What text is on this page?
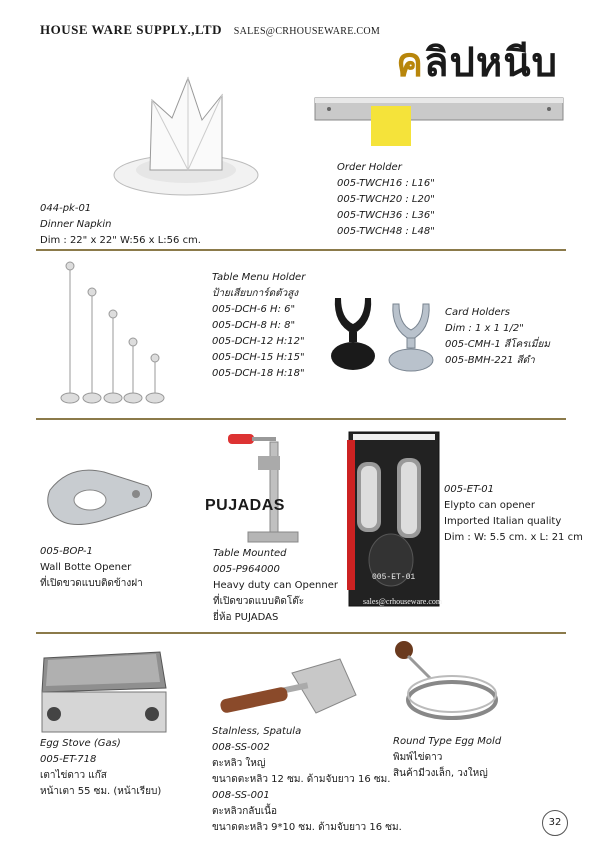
HOUSE WARE SUPPLY.,LTD SALES@CRHOUSEWARE.COM
คลิปหนีบ
044-pk-01
Dinner Napkin
Dim : 22" x 22" W:56 x L:56 cm.
Order Holder
005-TWCH16 : L16"
005-TWCH20 : L20"
005-TWCH36 : L36"
005-TWCH48 : L48"
Table Menu Holder
ป้ายเสียบการ์ดตัวสูง
005-DCH-6 H: 6"
005-DCH-8 H: 8"
005-DCH-12 H:12"
005-DCH-15 H:15"
005-DCH-18 H:18"
Card Holders
Dim : 1 x 1 1/2"
005-CMH-1 สีโครเมี่ยม
005-BMH-221 สีดำ
005-BOP-1
Wall Botte Opener
ที่เปิดขวดแบบติดข้างฝา
PUJADAS
Table Mounted
005-P964000
Heavy duty can Openner
ที่เปิดขวดแบบติดโต๊ะ
ยี่ห้อ PUJADAS
005-ET-01
sales@crhouseware.com
005-ET-01
Elypto can opener
Imported Italian quality
Dim : W: 5.5 cm. x L: 21 cm
Egg Stove (Gas)
005-ET-718
เตาไข่ดาว แก๊ส
หน้าเตา 55 ซม. (หน้าเรียบ)
Stalnless, Spatula
008-SS-002
ตะหลิว ใหญ่
ขนาดตะหลิว 12 ซม. ด้ามจับยาว 16 ซม.
008-SS-001
ตะหลิวกลับเนื้อ
ขนาดตะหลิว 9*10 ซม. ด้ามจับยาว 16 ซม.
Round Type Egg Mold
พิมพ์ไข่ดาว
สินค้ามีวงเล็ก, วงใหญ่
32
